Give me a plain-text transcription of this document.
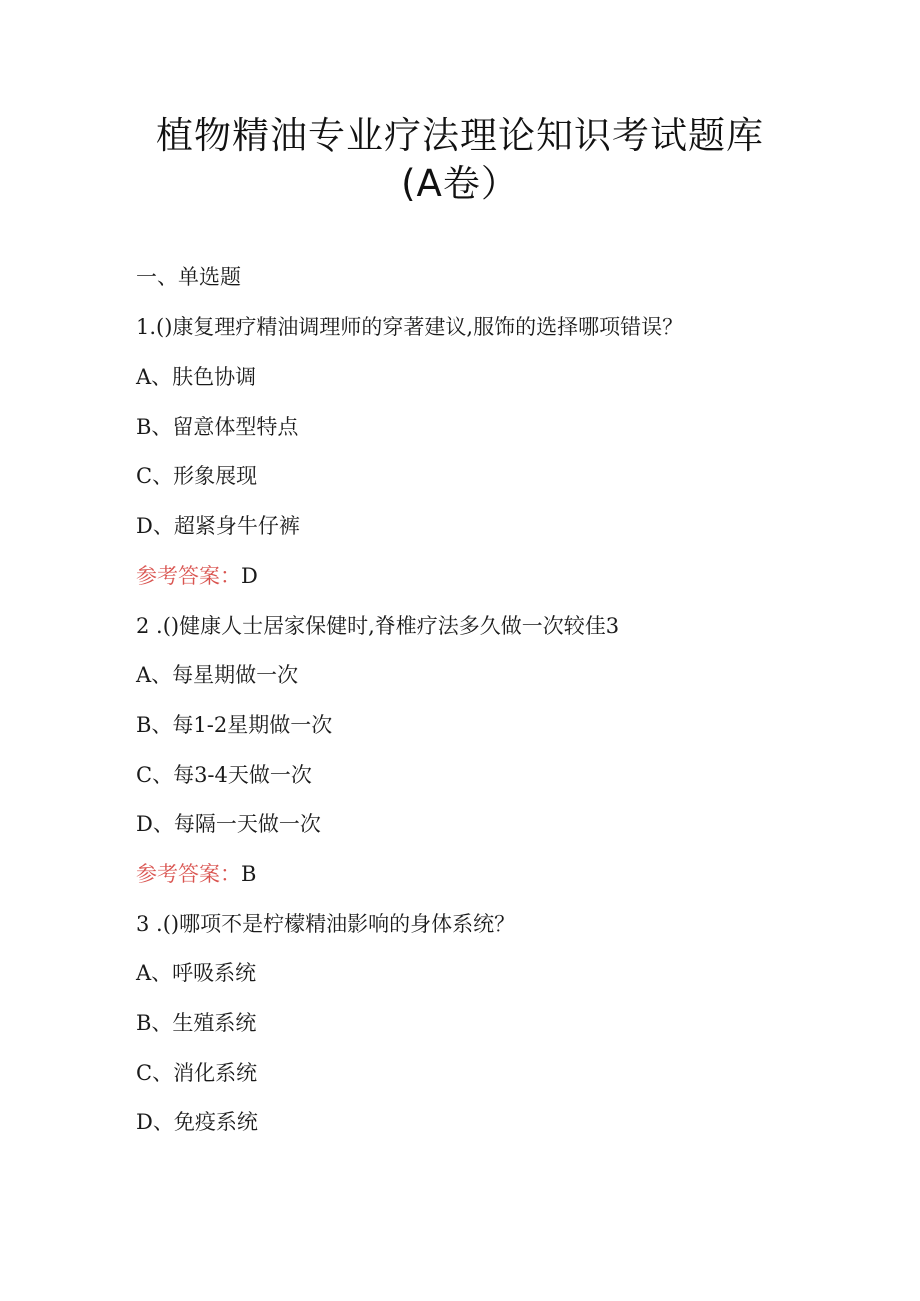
植物精油专业疗法理论知识考试题库
(A卷）
一、单选题
1.()康复理疗精油调理师的穿著建议,服饰的选择哪项错误？
A、肤色协调
B、留意体型特点
C、形象展现
D、超紧身牛仔裤
参考答案：D
2 .()健康人士居家保健时,脊椎疗法多久做一次较佳3
A、每星期做一次
B、每1-2星期做一次
C、每3-4天做一次
D、每隔一天做一次
参考答案：B
3 .()哪项不是柠檬精油影响的身体系统？
A、呼吸系统
B、生殖系统
C、消化系统
D、免疫系统
